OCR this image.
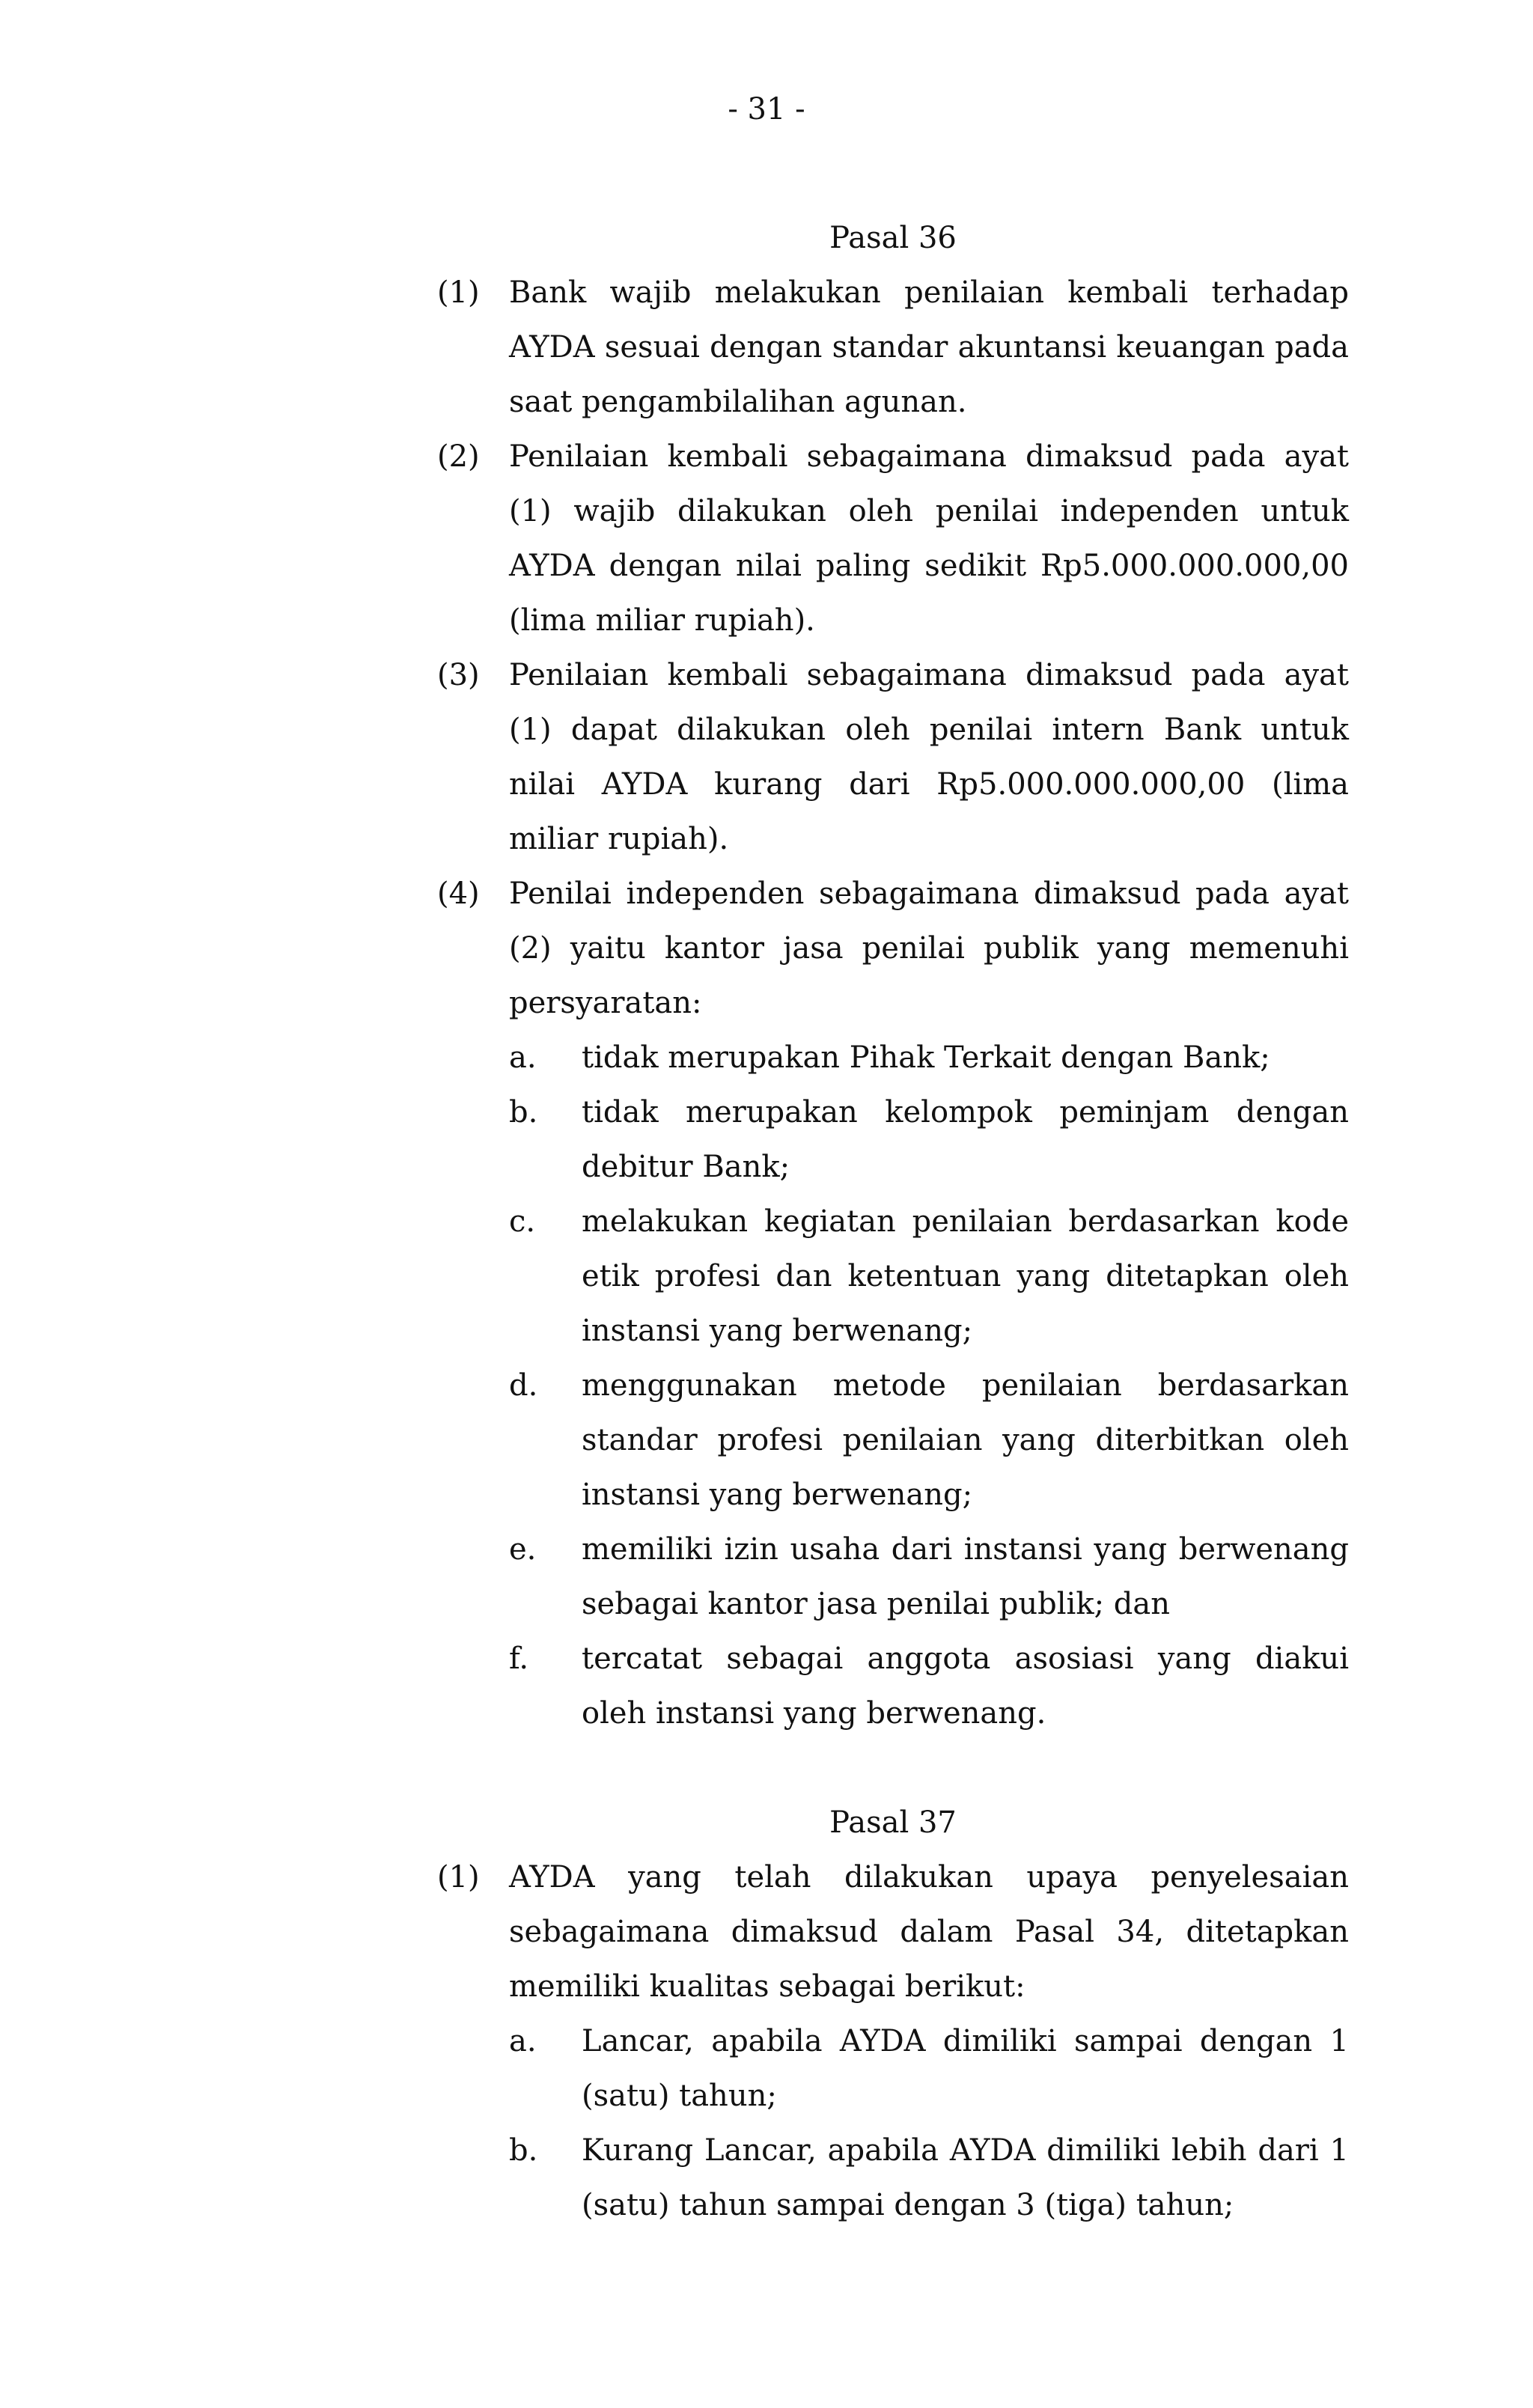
- 31 -
Pasal 36
(1) Bank wajib melakukan penilaian kembali terhadap AYDA sesuai dengan standar akuntansi keuangan pada saat pengambilalihan agunan.

(2) Penilaian kembali sebagaimana dimaksud pada ayat (1) wajib dilakukan oleh penilai independen untuk AYDA dengan nilai paling sedikit Rp5.000.000.000,00 (lima miliar rupiah).

(3) Penilaian kembali sebagaimana dimaksud pada ayat (1) dapat dilakukan oleh penilai intern Bank untuk nilai AYDA kurang dari Rp5.000.000.000,00 (lima miliar rupiah).

(4) Penilai independen sebagaimana dimaksud pada ayat (2) yaitu kantor jasa penilai publik yang memenuhi persyaratan:

a.	tidak merupakan Pihak Terkait dengan Bank;

b.	tidak merupakan kelompok peminjam dengan debitur Bank;

c.	melakukan kegiatan penilaian berdasarkan kode etik profesi dan ketentuan yang ditetapkan oleh instansi yang berwenang;

d.	menggunakan metode penilaian berdasarkan standar profesi penilaian yang diterbitkan oleh instansi yang berwenang;

e.	memiliki izin usaha dari instansi yang berwenang sebagai kantor jasa penilai publik; dan

f.	tercatat sebagai anggota asosiasi yang diakui oleh instansi yang berwenang.

Pasal 37
(1) AYDA yang telah dilakukan upaya penyelesaian sebagaimana dimaksud dalam Pasal 34, ditetapkan memiliki kualitas sebagai berikut:

a.	Lancar, apabila AYDA dimiliki sampai dengan 1 (satu) tahun;

b.	Kurang Lancar, apabila AYDA dimiliki lebih dari 1 (satu) tahun sampai dengan 3 (tiga) tahun;
